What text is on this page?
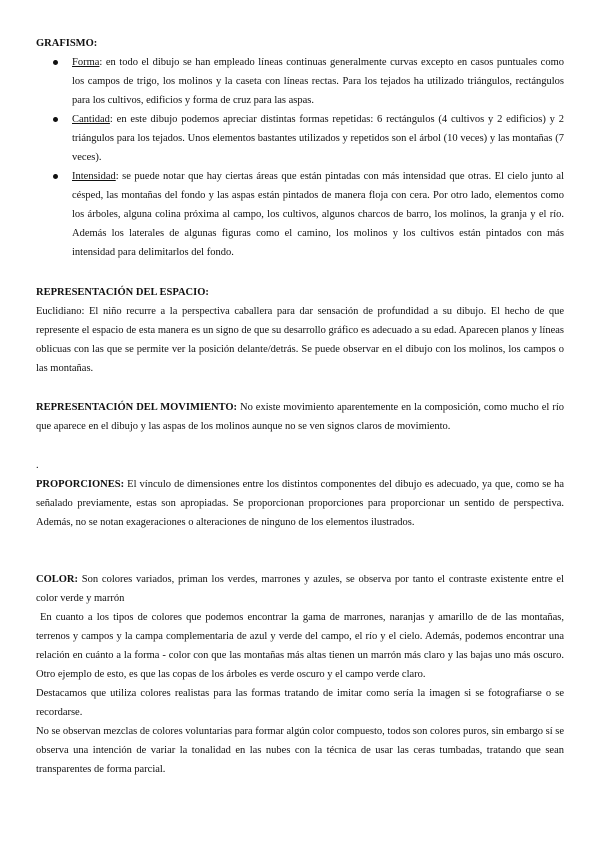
GRAFISMO:

Forma: en todo el dibujo se han empleado líneas continuas generalmente curvas excepto en casos puntuales como los campos de trigo, los molinos y la caseta con líneas rectas. Para los tejados ha utilizado triángulos, rectángulos para los cultivos, edificios y forma de cruz para las aspas.
Cantidad: en este dibujo podemos apreciar distintas formas repetidas: 6 rectángulos (4 cultivos y 2 edificios) y 2 triángulos para los tejados. Unos elementos bastantes utilizados y repetidos son el árbol (10 veces) y las montañas (7 veces).
Intensidad: se puede notar que hay ciertas áreas que están pintadas con más intensidad que otras. El cielo junto al césped, las montañas del fondo y las aspas están pintados de manera floja con cera. Por otro lado, elementos como los árboles, alguna colina próxima al campo, los cultivos, algunos charcos de barro, los molinos, la granja y el río. Además los laterales de algunas figuras como el camino, los molinos y los cultivos están pintados con más intensidad para delimitarlos del fondo.

REPRESENTACIÓN DEL ESPACIO:

Euclidiano: El niño recurre a la perspectiva caballera para dar sensación de profundidad a su dibujo. El hecho de que represente el espacio de esta manera es un signo de que su desarrollo gráfico es adecuado a su edad. Aparecen planos y líneas oblicuas con las que se permite ver la posición delante/detrás. Se puede observar en el dibujo con los molinos, los campos o las montañas.

REPRESENTACIÓN DEL MOVIMIENTO: No existe movimiento aparentemente en la composición, como mucho el río que aparece en el dibujo y las aspas de los molinos aunque no se ven signos claros de movimiento.

.

PROPORCIONES: El vínculo de dimensiones entre los distintos componentes del dibujo es adecuado, ya que, como se ha señalado previamente, estas son apropiadas. Se proporcionan proporciones para proporcionar un sentido de perspectiva. Además, no se notan exageraciones o alteraciones de ninguno de los elementos ilustrados.

COLOR: Son colores variados, priman los verdes, marrones y azules, se observa por tanto el contraste existente entre el color verde y marrón

En cuanto a los tipos de colores que podemos encontrar la gama de marrones, naranjas y amarillo de de las montañas, terrenos y campos y la campa complementaria de azul y verde del campo, el río y el cielo. Además, podemos encontrar una relación en cuánto a la forma - color con que las montañas más altas tienen un marrón más claro y las bajas uno más oscuro. Otro ejemplo de esto, es que las copas de los árboles es verde oscuro y el campo verde claro.

Destacamos que utiliza colores realistas para las formas tratando de imitar como sería la imagen si se fotografiarse o se recordarse.

No se observan mezclas de colores voluntarias para formar algún color compuesto, todos son colores puros, sin embargo sí se observa una intención de variar la tonalidad en las nubes con la técnica de usar las ceras tumbadas, tratando que sean transparentes de forma parcial.
